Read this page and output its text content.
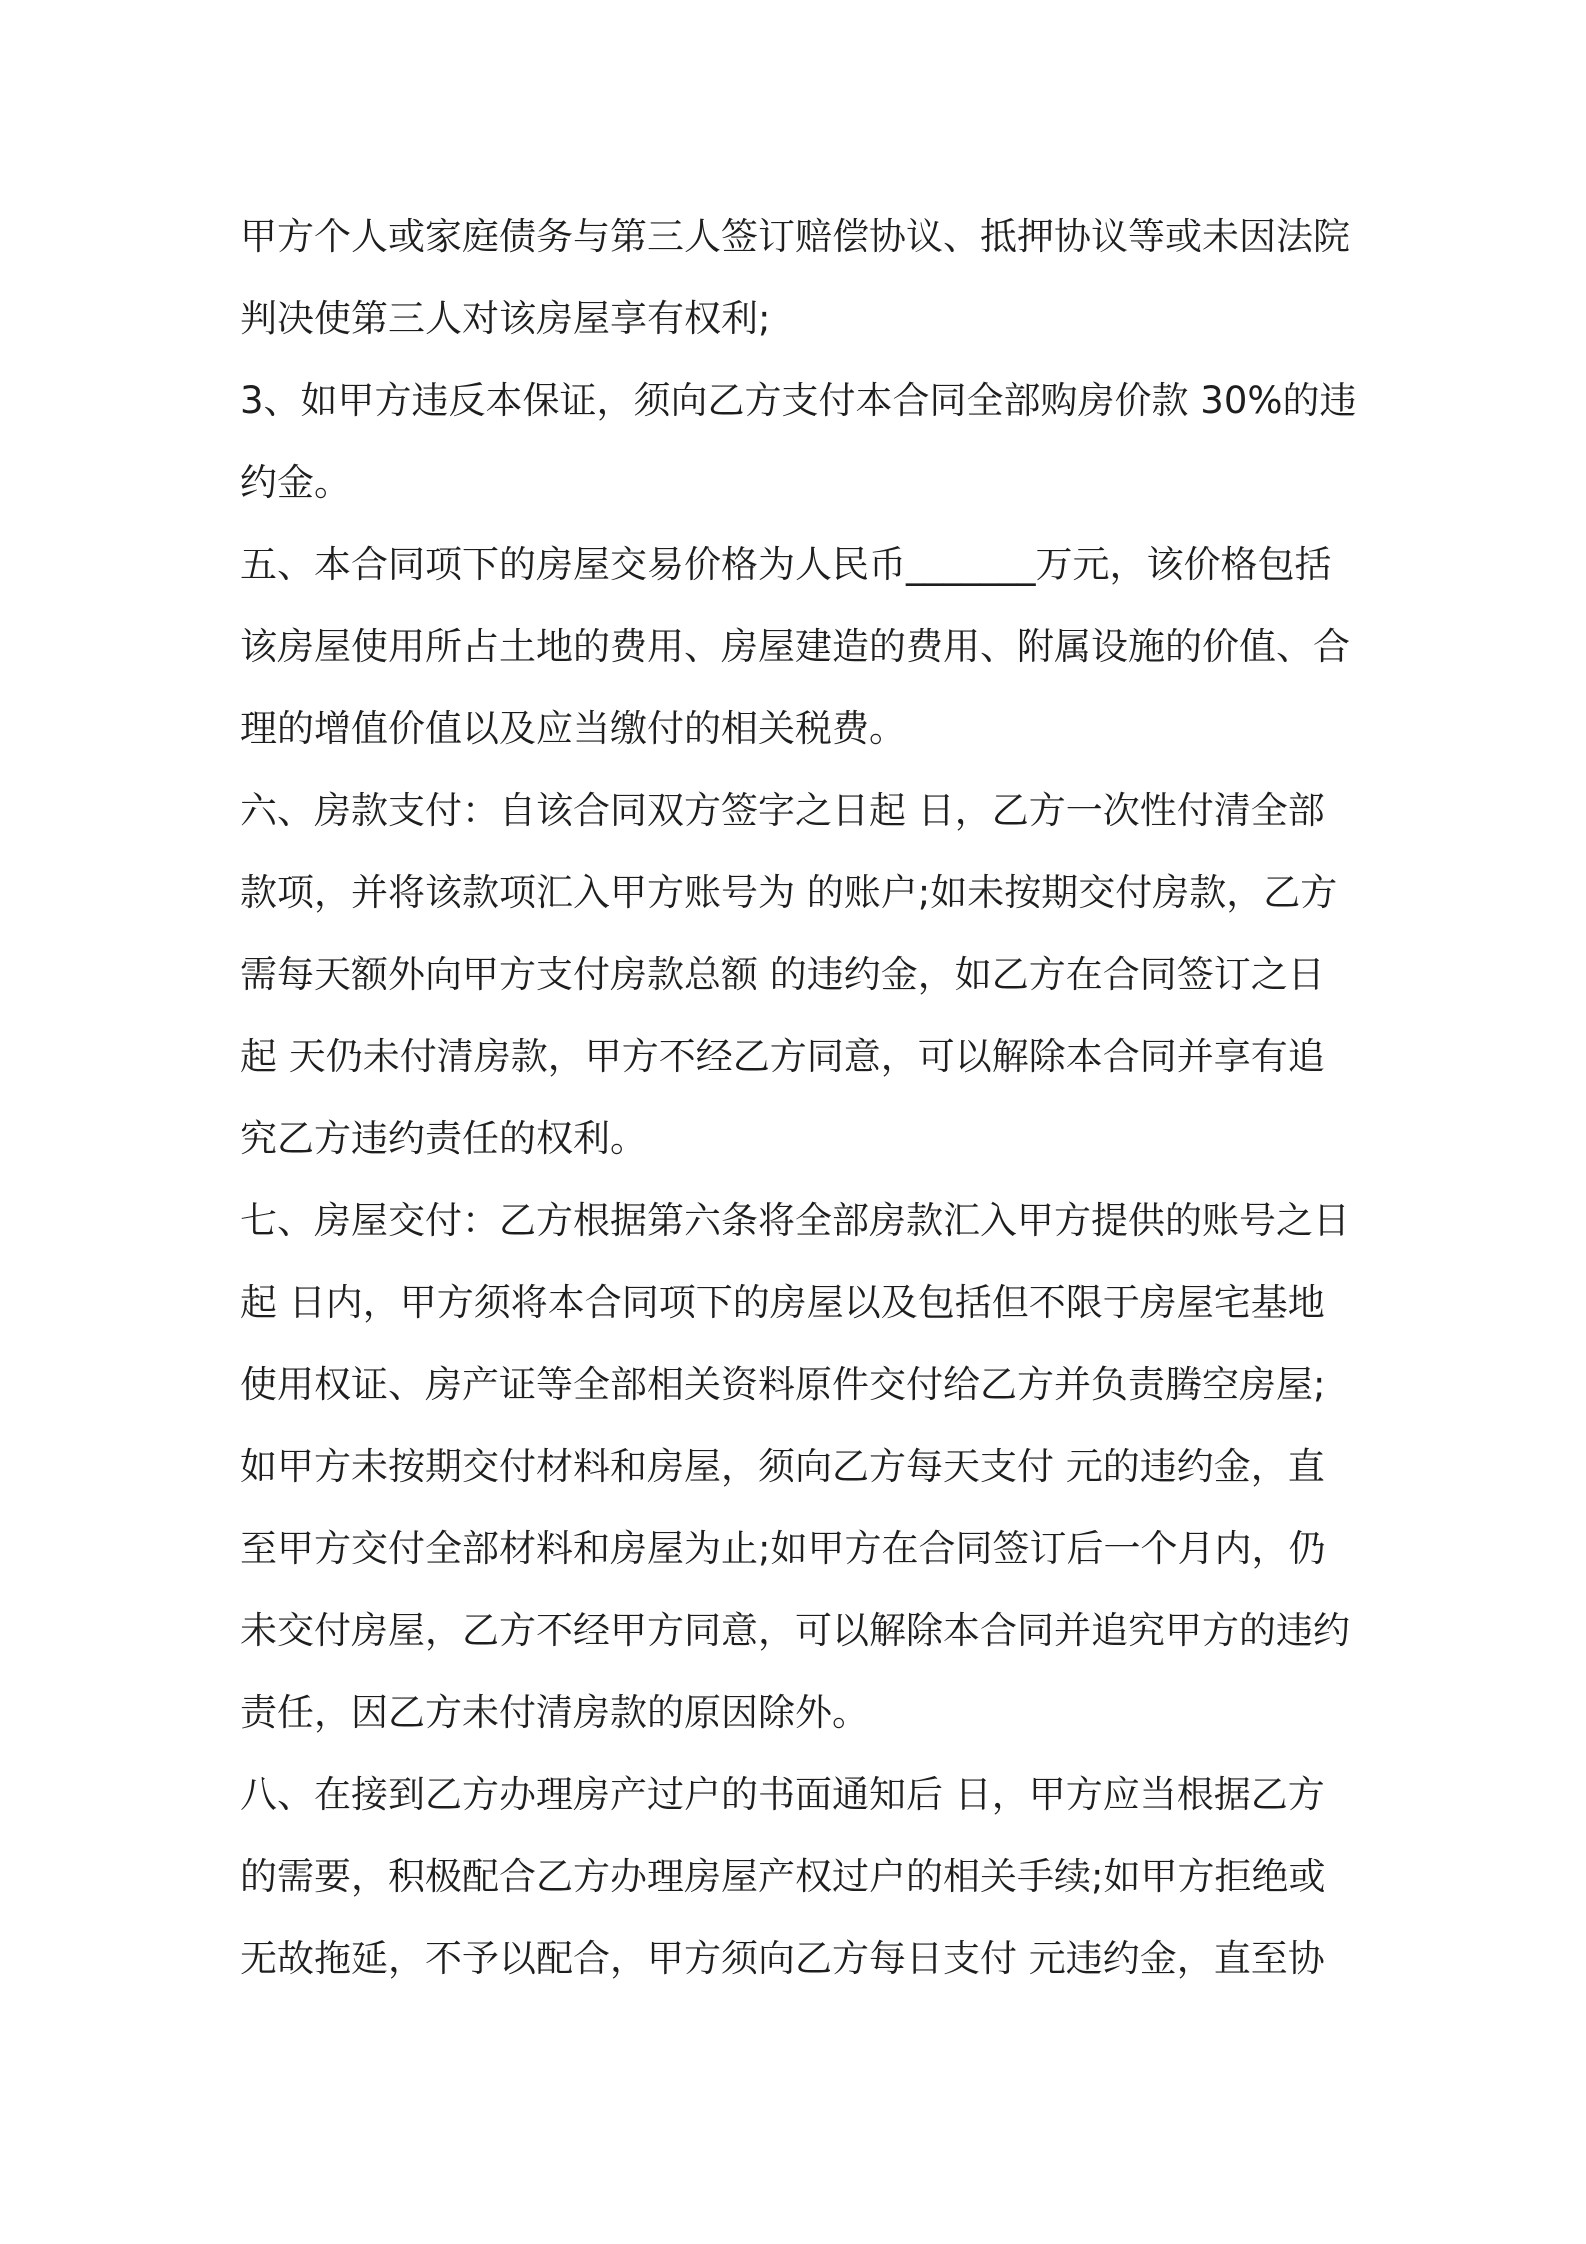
甲方个人或家庭债务与第三人签订赔偿协议、抵押协议等或未因法院
判决使第三人对该房屋享有权利;
3、如甲方违反本保证，须向乙方支付本合同全部购房价款 30%的违
约金。
五、本合同项下的房屋交易价格为人民币_______万元，该价格包括
该房屋使用所占土地的费用、房屋建造的费用、附属设施的价值、合
理的增值价值以及应当缴付的相关税费。
六、房款支付：自该合同双方签字之日起 日，乙方一次性付清全部
款项，并将该款项汇入甲方账号为 的账户;如未按期交付房款，乙方
需每天额外向甲方支付房款总额 的违约金，如乙方在合同签订之日
起 天仍未付清房款，甲方不经乙方同意，可以解除本合同并享有追
究乙方违约责任的权利。
七、房屋交付：乙方根据第六条将全部房款汇入甲方提供的账号之日
起 日内，甲方须将本合同项下的房屋以及包括但不限于房屋宅基地
使用权证、房产证等全部相关资料原件交付给乙方并负责腾空房屋;
如甲方未按期交付材料和房屋，须向乙方每天支付 元的违约金，直
至甲方交付全部材料和房屋为止;如甲方在合同签订后一个月内，仍
未交付房屋，乙方不经甲方同意，可以解除本合同并追究甲方的违约
责任，因乙方未付清房款的原因除外。
八、在接到乙方办理房产过户的书面通知后 日，甲方应当根据乙方
的需要，积极配合乙方办理房屋产权过户的相关手续;如甲方拒绝或
无故拖延，不予以配合，甲方须向乙方每日支付 元违约金，直至协
